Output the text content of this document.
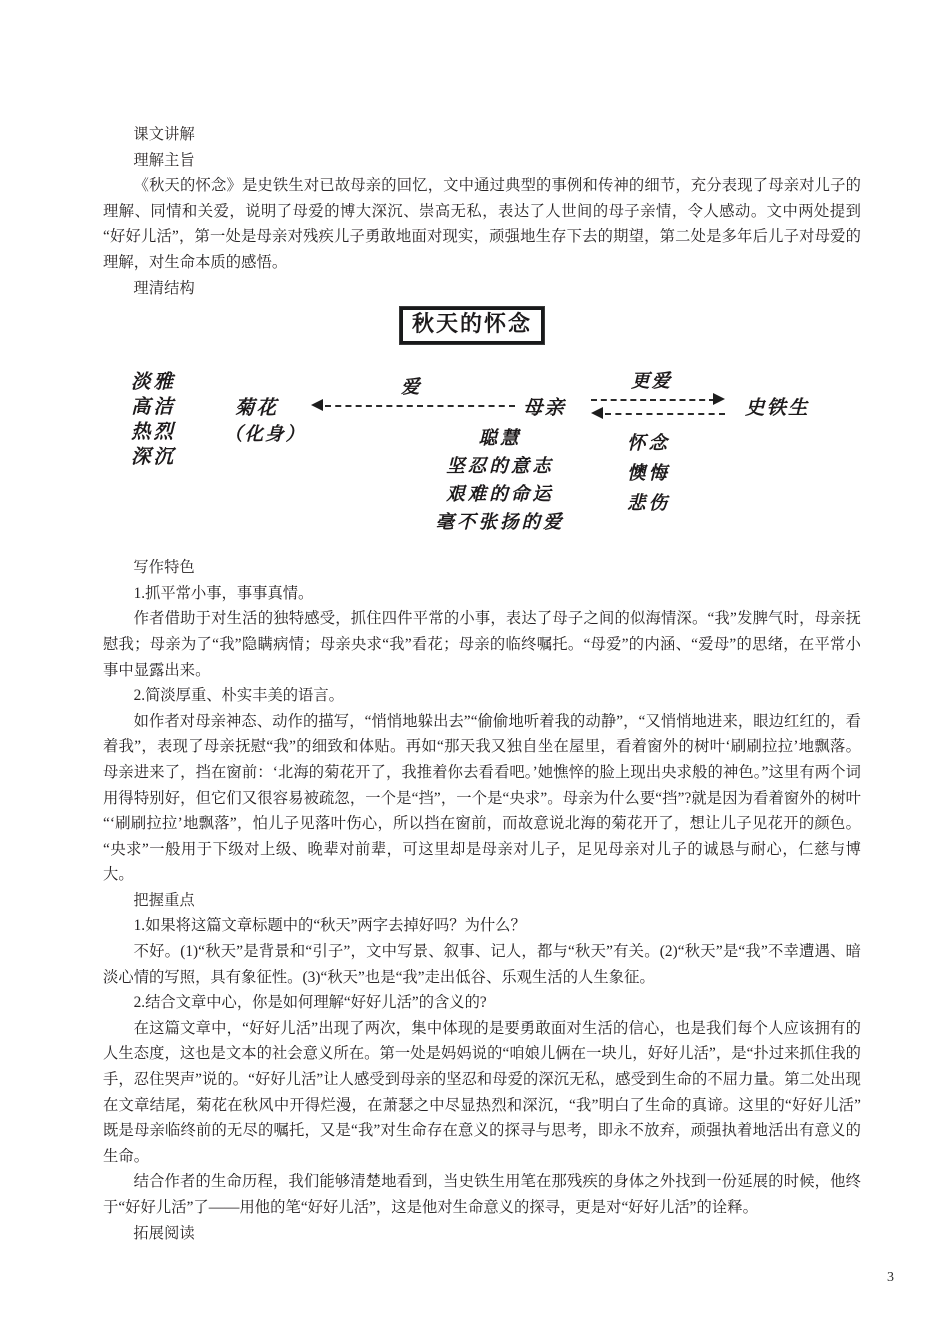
课文讲解

理解主旨

《秋天的怀念》是史铁生对已故母亲的回忆，文中通过典型的事例和传神的细节，充分表现了母亲对儿子的理解、同情和关爱，说明了母爱的博大深沉、崇高无私，表达了人世间的母子亲情，令人感动。文中两处提到“好好儿活”，第一处是母亲对残疾儿子勇敢地面对现实，顽强地生存下去的期望，第二处是多年后儿子对母爱的理解，对生命本质的感悟。

理清结构

秋天的怀念
淡雅
高洁
热烈
深沉
菊花
（化身）
爱
母亲
聪慧
坚忍的意志
艰难的命运
毫不张扬的爱
更爱
史铁生
怀念
懊悔
悲伤

写作特色

1.抓平常小事，事事真情。

作者借助于对生活的独特感受，抓住四件平常的小事，表达了母子之间的似海情深。“我”发脾气时，母亲抚慰我；母亲为了“我”隐瞒病情；母亲央求“我”看花；母亲的临终嘱托。“母爱”的内涵、“爱母”的思绪，在平常小事中显露出来。

2.简淡厚重、朴实丰美的语言。

如作者对母亲神态、动作的描写，“悄悄地躲出去”“偷偷地听着我的动静”，“又悄悄地进来，眼边红红的，看着我”，表现了母亲抚慰“我”的细致和体贴。再如“那天我又独自坐在屋里，看着窗外的树叶‘刷刷拉拉’地飘落。母亲进来了，挡在窗前：‘北海的菊花开了，我推着你去看看吧。’她憔悴的脸上现出央求般的神色。”这里有两个词用得特别好，但它们又很容易被疏忽，一个是“挡”，一个是“央求”。母亲为什么要“挡”?就是因为看着窗外的树叶“‘刷刷拉拉’地飘落”，怕儿子见落叶伤心，所以挡在窗前，而故意说北海的菊花开了，想让儿子见花开的颜色。“央求”一般用于下级对上级、晚辈对前辈，可这里却是母亲对儿子，足见母亲对儿子的诚恳与耐心，仁慈与博大。

把握重点

1.如果将这篇文章标题中的“秋天”两字去掉好吗？为什么？

不好。(1)“秋天”是背景和“引子”，文中写景、叙事、记人，都与“秋天”有关。(2)“秋天”是“我”不幸遭遇、暗淡心情的写照，具有象征性。(3)“秋天”也是“我”走出低谷、乐观生活的人生象征。

2.结合文章中心，你是如何理解“好好儿活”的含义的?

在这篇文章中，“好好儿活”出现了两次，集中体现的是要勇敢面对生活的信心，也是我们每个人应该拥有的人生态度，这也是文本的社会意义所在。第一处是妈妈说的“咱娘儿俩在一块儿，好好儿活”，是“扑过来抓住我的手，忍住哭声”说的。“好好儿活”让人感受到母亲的坚忍和母爱的深沉无私，感受到生命的不屈力量。第二处出现在文章结尾，菊花在秋风中开得烂漫，在萧瑟之中尽显热烈和深沉，“我”明白了生命的真谛。这里的“好好儿活”既是母亲临终前的无尽的嘱托，又是“我”对生命存在意义的探寻与思考，即永不放弃，顽强执着地活出有意义的生命。

结合作者的生命历程，我们能够清楚地看到，当史铁生用笔在那残疾的身体之外找到一份延展的时候，他终于“好好儿活”了——用他的笔“好好儿活”，这是他对生命意义的探寻，更是对“好好儿活”的诠释。

拓展阅读

3
